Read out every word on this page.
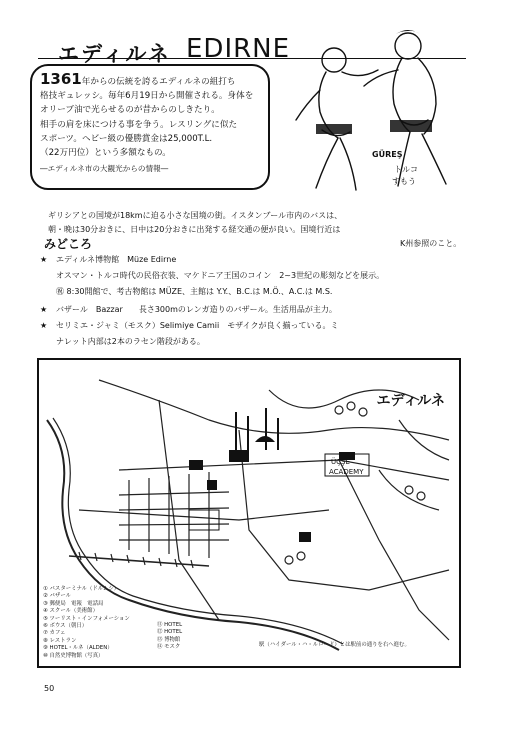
エディルネ EDIRNE

1361年からの伝統を誇るエディルネの組打ち

格技ギュレッシ。毎年6月19日から開催される。身体を

オリーブ油で光らせるのが昔からのしきたり。

相手の肩を床につける事を争う。レスリングに似た

スポーツ。ヘビー級の優勝賞金は25,000T.L.

（22万円位）という多額なもの。

―エディルネ市の大観光からの情報―

GÜREŞ
トルコ
すもう
ギリシアとの国境が18kmに迫る小さな国境の街。イスタンブール市内のバスは、
朝・晩は30分おきに、日中は20分おきに出発する経交通の便が良い。国境行近は
K州参照のこと。
みどころ
★ エディルネ博物館　Müze Edirne
オスマン・トルコ時代の民俗衣装、マケドニア王国のコイン　2~3世紀の彫刻などを展示。
㊗ 8:30開館で、考古物館は MÜZE、主館は Y.Y.、B.C.は M.Ö.、A.C.は M.S.
★ バザール　Bazzar　　長さ300mのレンガ造りのバザール。生活用品が主力。
★ セリミエ・ジャミ（モスク）Selimiye Camii　モザイクが良く揃っている。ミ
ナレット内部は2本のラセン階段がある。
エディルネ
ÜÇŞE
ACADEMY
① バスターミナル（ドルムシ）
② バザール
③ 郵便局　電報　電話局
④ スクール（美術館）
⑤ ツーリスト・インフォメーション
⑥ ボウス（朝日）
⑦ カフェ
⑧ レストラン
⑨ HOTEL・ルネ（ALDEN）
⑩ 自然史博物館（写真）
⑪ HOTEL
⑫ HOTEL
⑬ 博物館
⑭ モスク	駅（ハイダール・ハ・ルロード）とは駅前の通りを右へ進む。
50
